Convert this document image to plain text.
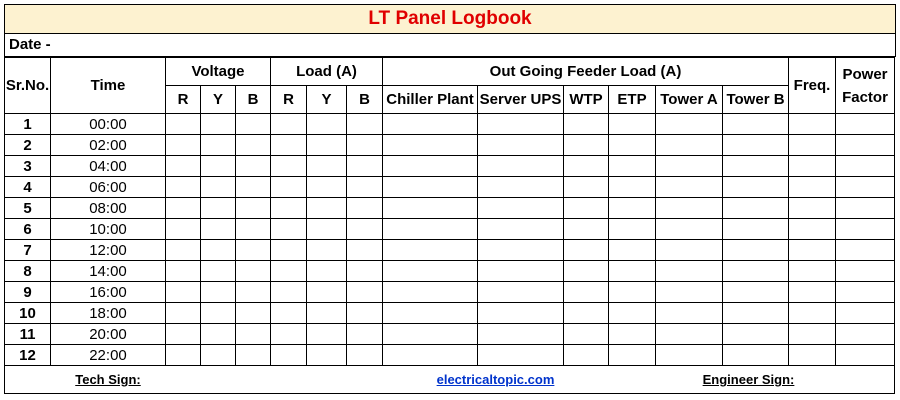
LT Panel Logbook
Date -
Sr.No.	Time	Voltage			Load (A)			Out Going Feeder Load (A)						Freq.	Power
Factor

		R	Y	B	R	Y	B	Chiller Plant	Server UPS	WTP	ETP	Tower A	Tower B		
1	00:00														
2	02:00														
3	04:00														
4	06:00														
5	08:00														
6	10:00														
7	12:00														
8	14:00														
9	16:00														
10	18:00														
11	20:00														
12	22:00														
	Tech Sign:							electricaltopic.com				Engineer Sign:			
